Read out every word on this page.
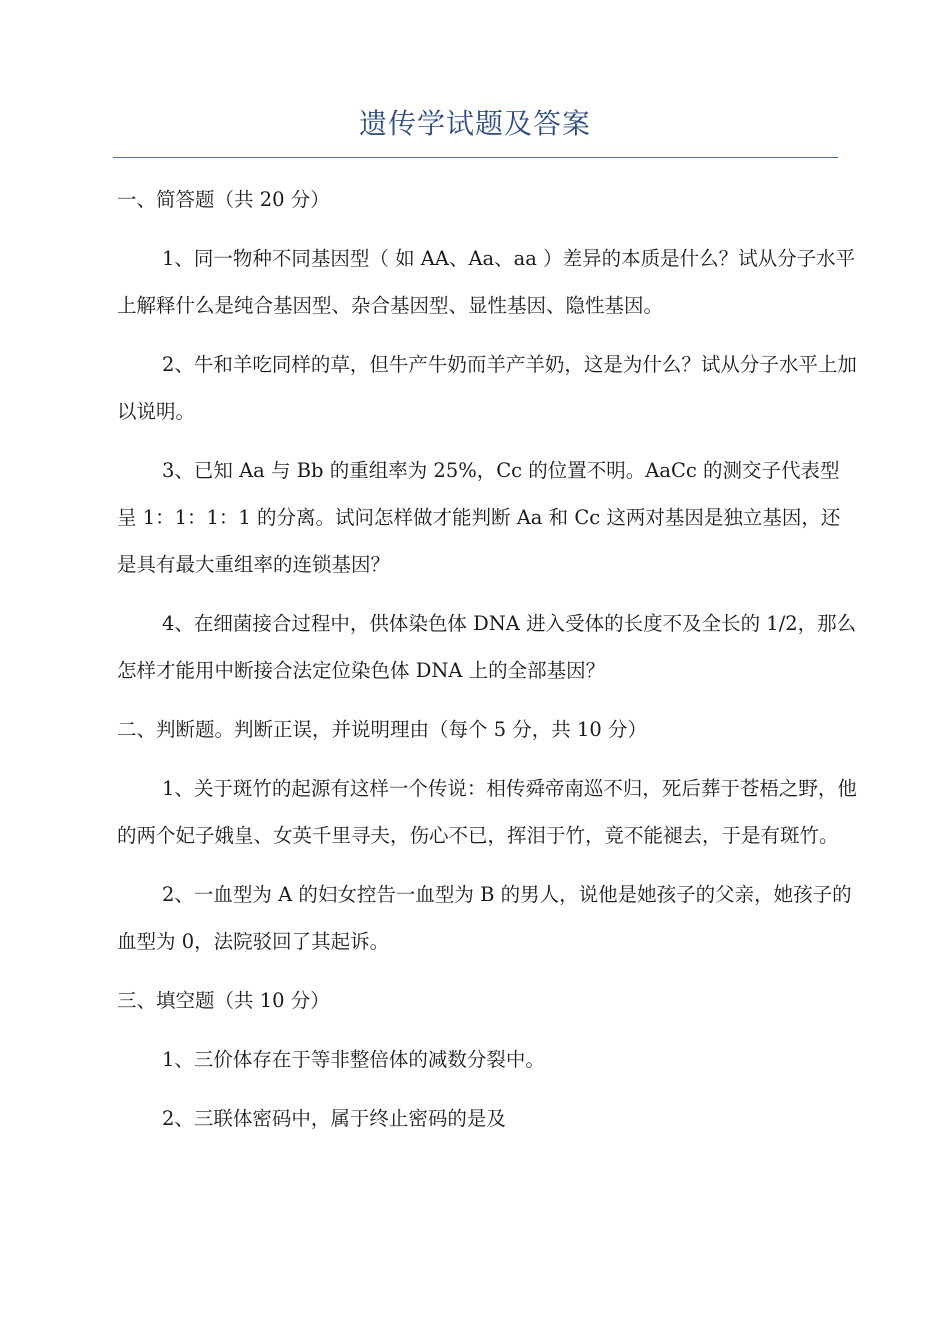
遗传学试题及答案

一、简答题（共 20 分）

1、同一物种不同基因型（ 如 AA、Aa、aa ）差异的本质是什么？试从分子水平上解释什么是纯合基因型、杂合基因型、显性基因、隐性基因。

2、牛和羊吃同样的草，但牛产牛奶而羊产羊奶，这是为什么？试从分子水平上加以说明。

3、已知 Aa 与 Bb 的重组率为 25%，Cc 的位置不明。AaCc 的测交子代表型呈 1：1：1：1 的分离。试问怎样做才能判断 Aa 和 Cc 这两对基因是独立基因，还是具有最大重组率的连锁基因？

4、在细菌接合过程中，供体染色体 DNA 进入受体的长度不及全长的 1/2，那么怎样才能用中断接合法定位染色体 DNA 上的全部基因？

二、判断题。判断正误，并说明理由（每个 5 分，共 10 分）

1、关于斑竹的起源有这样一个传说：相传舜帝南巡不归，死后葬于苍梧之野，他的两个妃子娥皇、女英千里寻夫，伤心不已，挥泪于竹，竟不能褪去，于是有斑竹。

2、一血型为 A 的妇女控告一血型为 B 的男人，说他是她孩子的父亲，她孩子的血型为 0，法院驳回了其起诉。

三、填空题（共 10 分）

1、三价体存在于等非整倍体的减数分裂中。

2、三联体密码中，属于终止密码的是及
